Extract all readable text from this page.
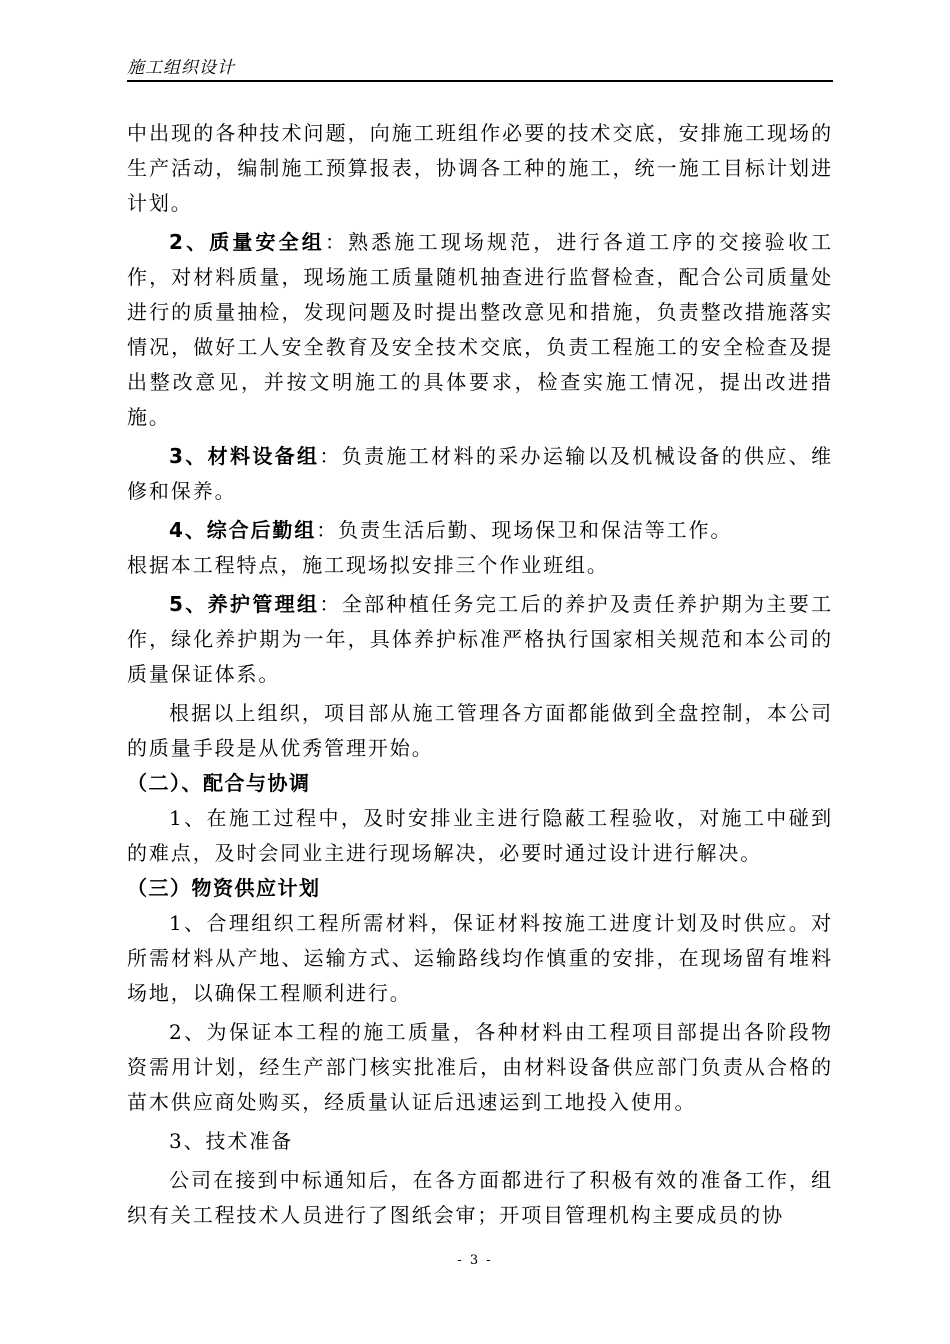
施工组织设计

中出现的各种技术问题，向施工班组作必要的技术交底，安排施工现场的生产活动，编制施工预算报表，协调各工种的施工，统一施工目标计划进计划。

2、质量安全组：熟悉施工现场规范，进行各道工序的交接验收工作，对材料质量，现场施工质量随机抽查进行监督检查，配合公司质量处进行的质量抽检，发现问题及时提出整改意见和措施，负责整改措施落实情况，做好工人安全教育及安全技术交底，负责工程施工的安全检查及提出整改意见，并按文明施工的具体要求，检查实施工情况，提出改进措施。

3、材料设备组：负责施工材料的采办运输以及机械设备的供应、维修和保养。

4、综合后勤组：负责生活后勤、现场保卫和保洁等工作。

根据本工程特点，施工现场拟安排三个作业班组。

5、养护管理组：全部种植任务完工后的养护及责任养护期为主要工作，绿化养护期为一年，具体养护标准严格执行国家相关规范和本公司的质量保证体系。

根据以上组织，项目部从施工管理各方面都能做到全盘控制，本公司的质量手段是从优秀管理开始。

（二）、配合与协调

1、在施工过程中，及时安排业主进行隐蔽工程验收，对施工中碰到的难点，及时会同业主进行现场解决，必要时通过设计进行解决。

（三）物资供应计划

1、合理组织工程所需材料，保证材料按施工进度计划及时供应。对所需材料从产地、运输方式、运输路线均作慎重的安排，在现场留有堆料场地，以确保工程顺利进行。

2、为保证本工程的施工质量，各种材料由工程项目部提出各阶段物资需用计划，经生产部门核实批准后，由材料设备供应部门负责从合格的苗木供应商处购买，经质量认证后迅速运到工地投入使用。

3、技术准备

公司在接到中标通知后，在各方面都进行了积极有效的准备工作，组织有关工程技术人员进行了图纸会审；开项目管理机构主要成员的协

- 3 -
